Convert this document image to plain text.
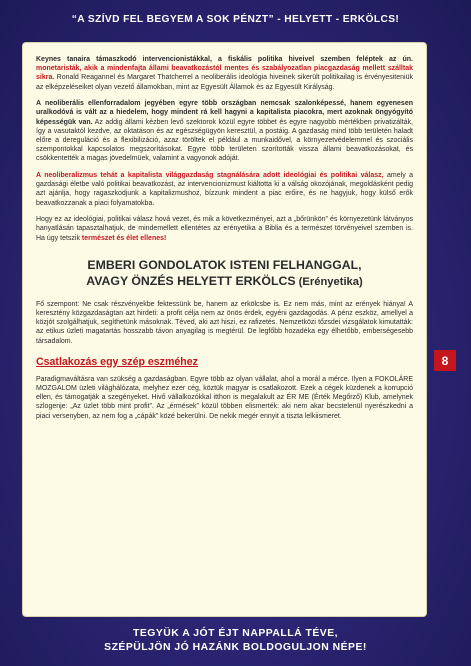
“A SZÍVD FEL BEGYEM A SOK PÉNZT” - HELYETT - ERKÖLCS!

Keynes tanaira támaszkodó intervencionistákkal, a fiskális politika hiveivel szemben feléptek az ún. monetaristák, akik a mindenfajta állami beavatkozástól mentes és szabályozatlan piacgazdaság mellett szálltak sikra. Ronald Reagannel és Margaret Thatcherrel a neoliberális ideológia hiveinek sikerült politikailag is érvényesiteniük az elképzeléseiket olyan vezető államokban, mint az Egyesült Államok és az Egyesült Királyság.

A neoliberális ellenforradalom jegyében egyre több országban nemcsak szalonképessé, hanem egyenesen uralkodóvá is vált az a hiedelem, hogy mindent rá kell hagyni a kapitalista piacokra, mert azoknak öngyógyító képességük van. Az addig állami kézben levő szektorok közül egyre többet és egyre nagyobb mértékben privatizálták, így a vasutaktól kezdve, az oktatáson és az egészségügyön keresztül, a postáig. A gazdaság mind több területén haladt előre a dereguláció és a flexibilizáció, azaz töröltek el például a munkaidővel, a környezetvédelemmel és szociális szempontokkal kapcsolatos megszorításokat. Egyre több területen szorították vissza állami beavatkozásokat, és csökkentették a magas jövedelmüek, valamint a vagyonok adóját.

A neoliberalizmus tehát a kapitalista világgazdaság stagnálására adott ideológiai és politikai válasz, amely a gazdasági életbe való politikai beavatkozást, az intervencionizmust kiáltotta ki a válság okozójának, megoldásként pedig azt ajánlja, hogy ragaszkodjunk a kapitalizmushoz, bízzunk mindent a piac erőire, és ne hagyjuk, hogy külső erők beavatkozzanak a piaci folyamatokba.

Hogy ez az ideológiai, politikai válasz hová vezet, és mik a következményei, azt a „bőrünkön” és környezetünk látványos hanyatlásán tapasztalhatjuk, de mindemellett ellentétes az erényetika a Biblia és a természet törvényeivel szemben is. Ha úgy tetszik természet és élet ellenes!

EMBERI GONDOLATOK ISTENI FELHANGGAL,
AVAGY ÖNZÉS HELYETT ERKÖLCS (Erényetika)

Fő szempont: Ne csak részvényekbe fektessünk be, hanem az erkölcsbe is. Ez nem más, mint az erények hiánya! A keresztény közgazdaságtan azt hirdeti: a profit célja nem az önös érdek, egyéni gazdagodás. A pénz eszköz, amellyel a közjót szolgálhatjuk, segíthetünk másoknak. Téved, aki azt hiszi, ez rafizetés. Nemzetközi tőzsdei vizsgálatok kimutatták: az etikus üzleti magatartás hosszabb távon anyagilag is megtérül. De legfőbb hozadéka egy élhetőbb, emberségesebb társadalom.

Csatlakozás egy szép eszméhez

Paradigmaváltásra van szükség a gazdaságban. Egyre több az olyan vállalat, ahol a morál a mérce. Ilyen a FOKOLÁRE MOZGALOM üzleti világhálózata, melyhez ezer cég, köztük magyar is csatlakozott. Ezek a cégek küzdenek a korrupció ellen, és támogatják a szegényeket. Hivő vállalkozókkal itthon is megalakult az ÉR ME (Érték Megőrző) Klub, amelynek szlogenje: „Az üzlet több mint profit”. Az „érmések” közül többen elismerték: aki nem akar becstelenül nyerészkedni a piaci versenyben, az nem fog a „cápák” közé bekerülni. De nekik megér ennyit a tiszta lelkiismeret.

8
TEGYÜK A JÓT ÉJT NAPPALLÁ TÉVE,
SZÉPÜLJÖN JÓ HAZÁNK BOLDOGULJON NÉPE!
